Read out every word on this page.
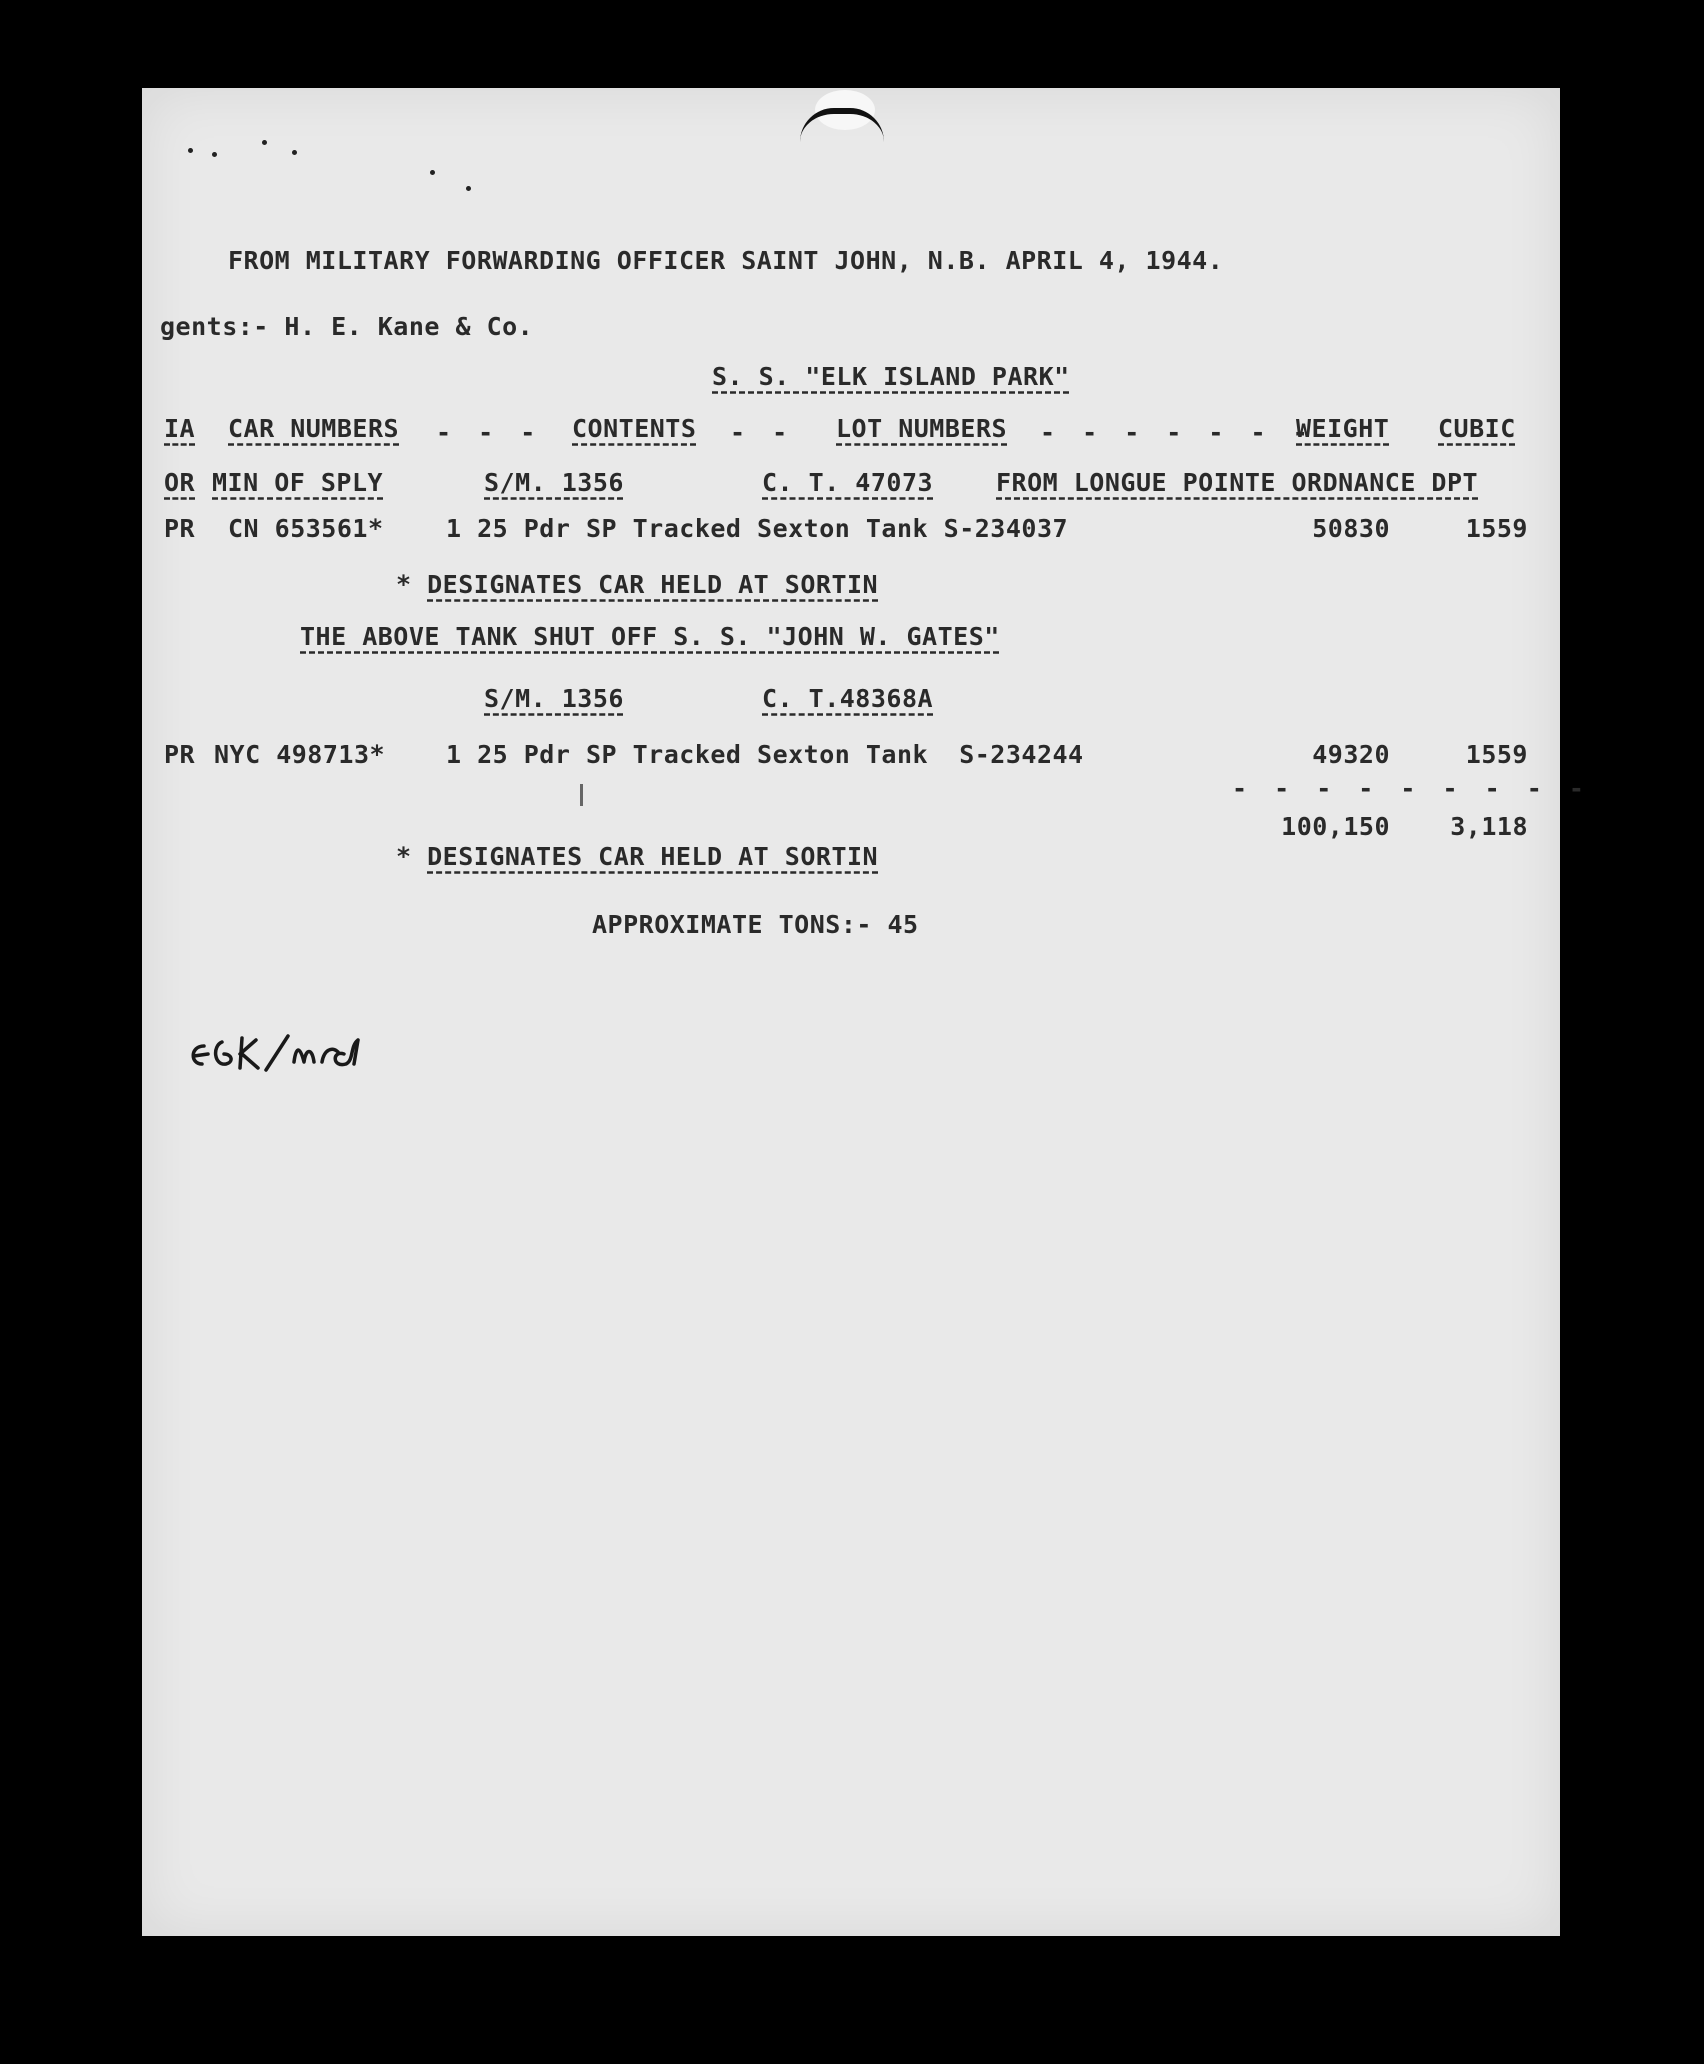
FROM MILITARY FORWARDING OFFICER SAINT JOHN, N.B. APRIL 4, 1944.
gents:- H. E. Kane & Co.
S. S. "ELK ISLAND PARK"
IA CAR NUMBERS	CONTENTS	LOT NUMBERS	WEIGHT CUBIC
- - -	- -	- - - - - - -
OR MIN OF SPLY	S/M. 1356	C. T. 47073	FROM LONGUE POINTE ORDNANCE DPT
PR CN 653561* 1 25 Pdr SP Tracked Sexton Tank S-234037	50830	1559
* DESIGNATES CAR HELD AT SORTIN
THE ABOVE TANK SHUT OFF S. S. "JOHN W. GATES"
S/M. 1356	C. T.48368A
PR NYC 498713* 1 25 Pdr SP Tracked Sexton Tank  S-234244	49320	1559
- - - - - - - - -
100,150	3,118
* DESIGNATES CAR HELD AT SORTIN
APPROXIMATE TONS:- 45
